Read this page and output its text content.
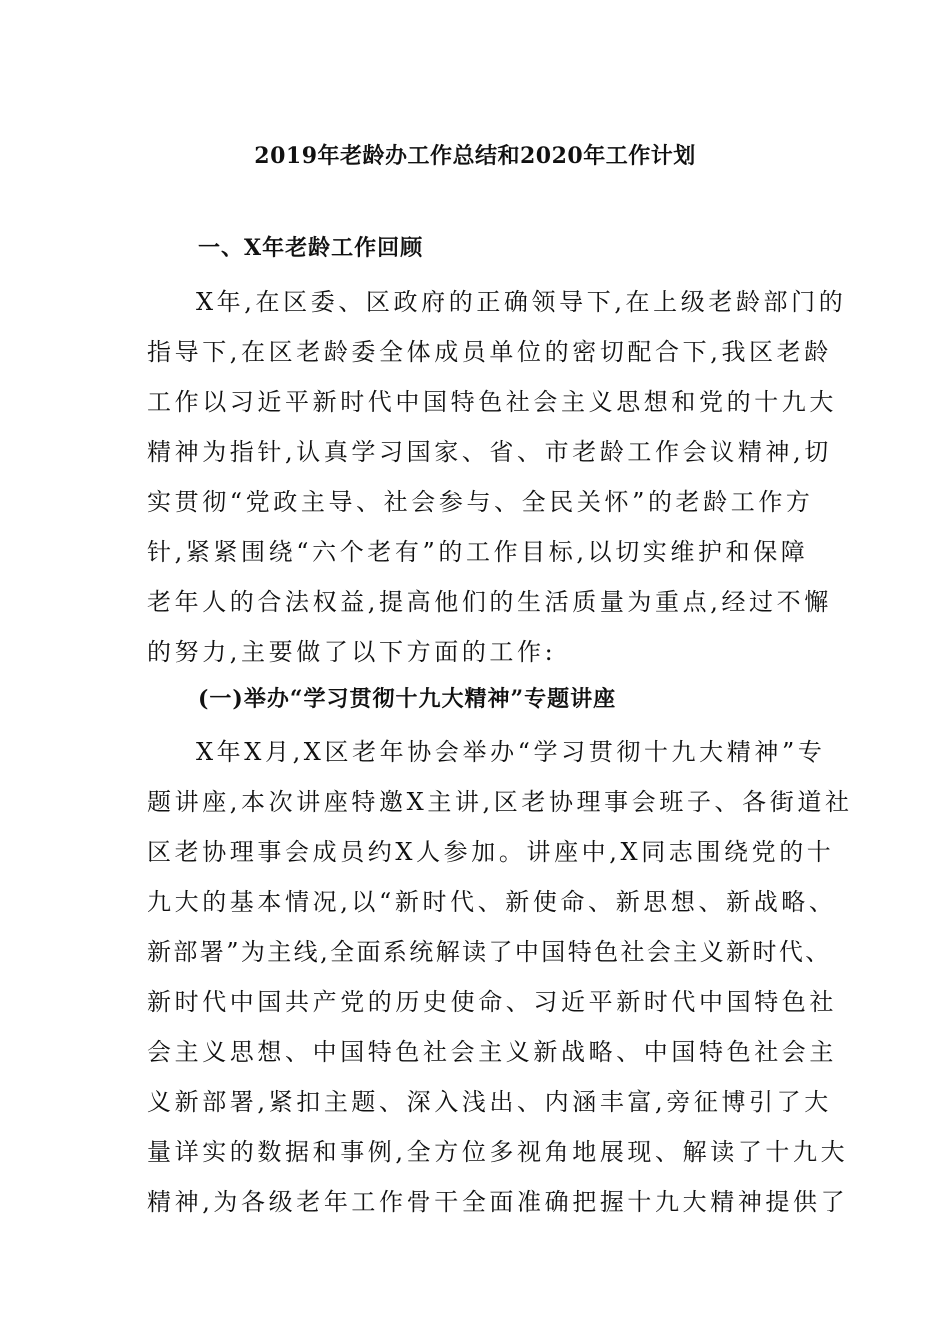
2019年老龄办工作总结和2020年工作计划
一、X年老龄工作回顾
X年,在区委、区政府的正确领导下,在上级老龄部门的
指导下,在区老龄委全体成员单位的密切配合下,我区老龄
工作以习近平新时代中国特色社会主义思想和党的十九大
精神为指针,认真学习国家、省、市老龄工作会议精神,切
实贯彻“党政主导、社会参与、全民关怀”的老龄工作方
针,紧紧围绕“六个老有”的工作目标,以切实维护和保障
老年人的合法权益,提高他们的生活质量为重点,经过不懈
的努力,主要做了以下方面的工作:
(一)举办“学习贯彻十九大精神”专题讲座
X年X月,X区老年协会举办“学习贯彻十九大精神”专
题讲座,本次讲座特邀X主讲,区老协理事会班子、各街道社
区老协理事会成员约X人参加。讲座中,X同志围绕党的十
九大的基本情况,以“新时代、新使命、新思想、新战略、
新部署”为主线,全面系统解读了中国特色社会主义新时代、
新时代中国共产党的历史使命、习近平新时代中国特色社
会主义思想、中国特色社会主义新战略、中国特色社会主
义新部署,紧扣主题、深入浅出、内涵丰富,旁征博引了大
量详实的数据和事例,全方位多视角地展现、解读了十九大
精神,为各级老年工作骨干全面准确把握十九大精神提供了
